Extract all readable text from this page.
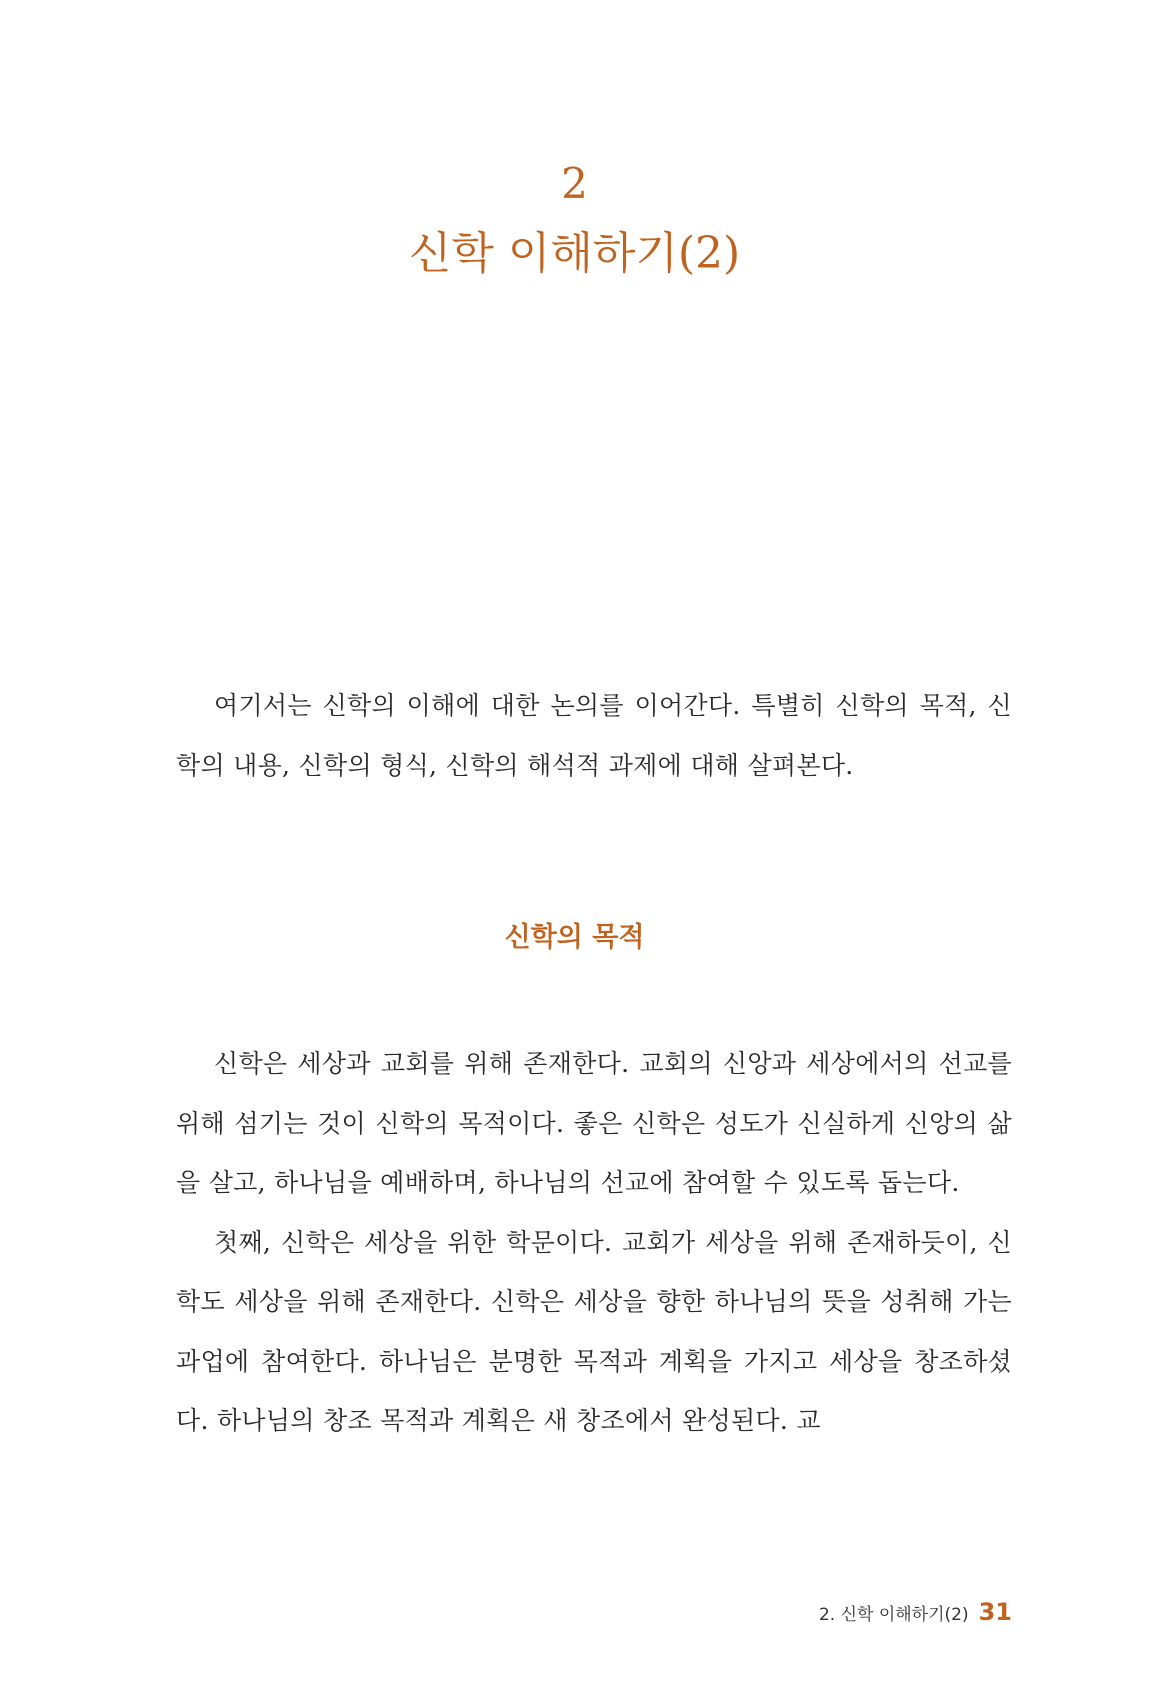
2
신학 이해하기(2)

여기서는 신학의 이해에 대한 논의를 이어간다. 특별히 신학의 목적, 신학의 내용, 신학의 형식, 신학의 해석적 과제에 대해 살펴본다.

신학의 목적

신학은 세상과 교회를 위해 존재한다. 교회의 신앙과 세상에서의 선교를 위해 섬기는 것이 신학의 목적이다. 좋은 신학은 성도가 신실하게 신앙의 삶을 살고, 하나님을 예배하며, 하나님의 선교에 참여할 수 있도록 돕는다.

첫째, 신학은 세상을 위한 학문이다. 교회가 세상을 위해 존재하듯이, 신학도 세상을 위해 존재한다. 신학은 세상을 향한 하나님의 뜻을 성취해 가는 과업에 참여한다. 하나님은 분명한 목적과 계획을 가지고 세상을 창조하셨다. 하나님의 창조 목적과 계획은 새 창조에서 완성된다. 교

2. 신학 이해하기(2) 31
